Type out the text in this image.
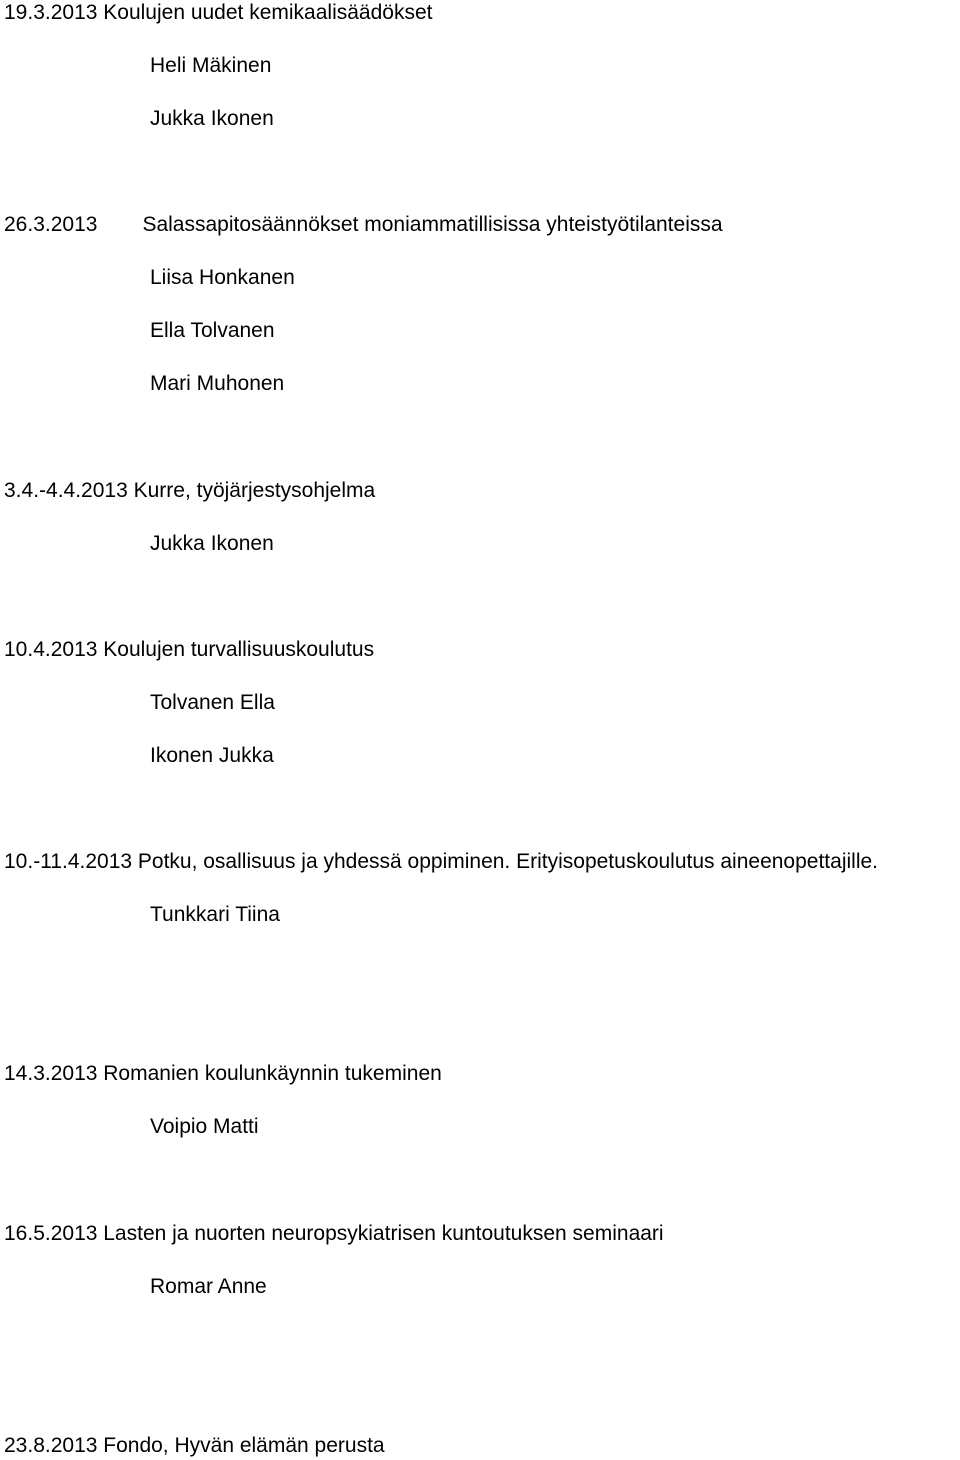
19.3.2013 Koulujen uudet kemikaalisäädökset
Heli Mäkinen
Jukka Ikonen
26.3.2013 Salassapitosäännökset moniammatillisissa yhteistyötilanteissa
Liisa Honkanen
Ella Tolvanen
Mari Muhonen
3.4.-4.4.2013 Kurre, työjärjestysohjelma
Jukka Ikonen
10.4.2013 Koulujen turvallisuuskoulutus
Tolvanen Ella
Ikonen Jukka
10.-11.4.2013 Potku, osallisuus ja yhdessä oppiminen. Erityisopetuskoulutus aineenopettajille.
Tunkkari Tiina
14.3.2013 Romanien koulunkäynnin tukeminen
Voipio Matti
16.5.2013 Lasten ja nuorten neuropsykiatrisen kuntoutuksen seminaari
Romar Anne
23.8.2013 Fondo, Hyvän elämän perusta
